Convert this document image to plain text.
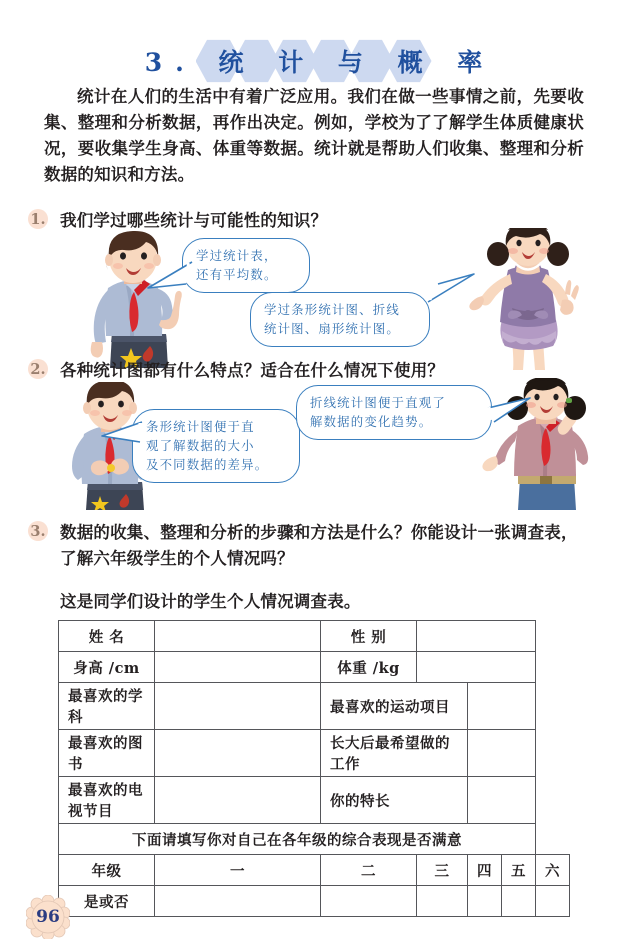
3. 统 计 与 概 率
统计在人们的生活中有着广泛应用。我们在做一些事情之前，先要收集、整理和分析数据，再作出决定。例如，学校为了了解学生体质健康状况，要收集学生身高、体重等数据。统计就是帮助人们收集、整理和分析数据的知识和方法。
1. 我们学过哪些统计与可能性的知识？
学过统计表，
还有平均数。
学过条形统计图、折线
统计图、扇形统计图。
2. 各种统计图都有什么特点？适合在什么情况下使用？
条形统计图便于直
观了解数据的大小
及不同数据的差异。
折线统计图便于直观了
解数据的变化趋势。
3. 数据的收集、整理和分析的步骤和方法是什么？你能设计一张调查表，了解六年级学生的个人情况吗？
这是同学们设计的学生个人情况调查表。
姓 名		性 别				
身高 /cm		体重 /kg				
最喜欢的学科		最喜欢的运动项目				
最喜欢的图书		长大后最希望做的工作				
最喜欢的电视节目		你的特长				
下面请填写你对自己在各年级的综合表现是否满意						
年级	一	二	三	四	五	六
是或否						
96
